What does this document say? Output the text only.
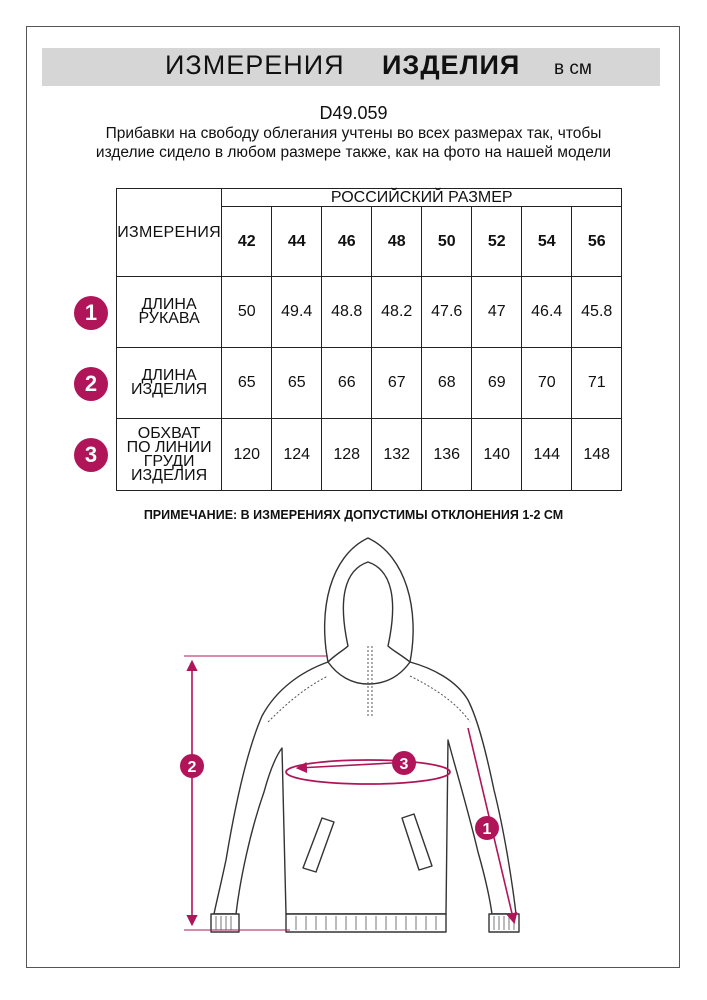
ИЗМЕРЕНИЯ ИЗДЕЛИЯ в см
D49.059
Прибавки на свободу облегания учтены во всех размерах так, чтобы изделие сидело в любом размере также, как на фото на нашей модели
ИЗМЕРЕНИЯ	РОССИЙСКИЙ РАЗМЕР							
	42	44	46	48	50	52	54	56
ДЛИНА РУКАВА	50	49.4	48.8	48.2	47.6	47	46.4	45.8
ДЛИНА ИЗДЕЛИЯ	65	65	66	67	68	69	70	71
ОБХВАТ ПО ЛИНИИ ГРУДИ ИЗДЕЛИЯ	120	124	128	132	136	140	144	148
1
2
3
ПРИМЕЧАНИЕ: В ИЗМЕРЕНИЯХ ДОПУСТИМЫ ОТКЛОНЕНИЯ 1-2 СМ
2	3
1
